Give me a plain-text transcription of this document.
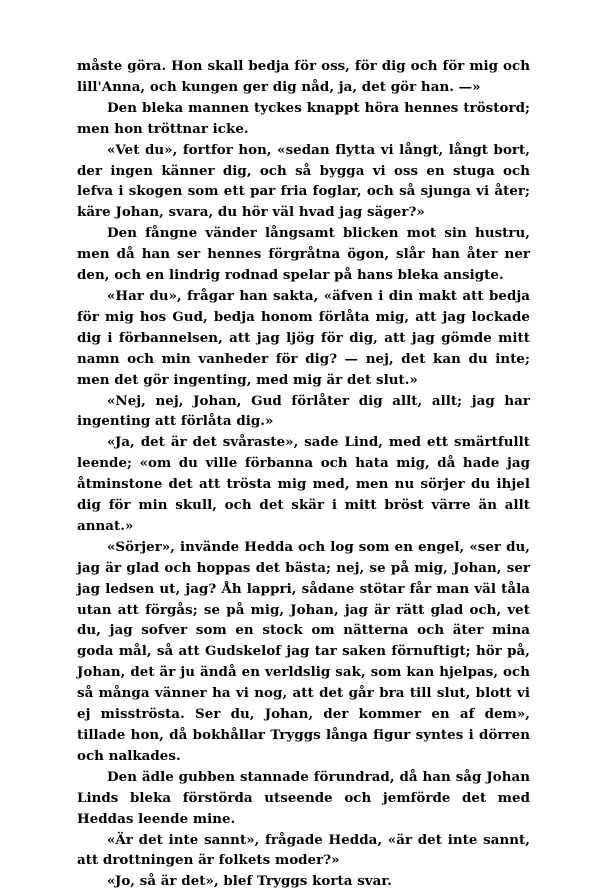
måste göra. Hon skall bedja för oss, för dig och för mig och lill'Anna, och kungen ger dig nåd, ja, det gör han. —»

Den bleka mannen tyckes knappt höra hennes tröstord; men hon tröttnar icke.

«Vet du», fortfor hon, «sedan flytta vi långt, långt bort, der ingen känner dig, och så bygga vi oss en stuga och lefva i skogen som ett par fria foglar, och så sjunga vi åter; käre Johan, svara, du hör väl hvad jag säger?»

Den fångne vänder långsamt blicken mot sin hustru, men då han ser hennes förgråtna ögon, slår han åter ner den, och en lindrig rodnad spelar på hans bleka ansigte.

«Har du», frågar han sakta, «äfven i din makt att bedja för mig hos Gud, bedja honom förlåta mig, att jag lockade dig i förbannelsen, att jag ljög för dig, att jag gömde mitt namn och min vanheder för dig? — nej, det kan du inte; men det gör ingenting, med mig är det slut.»

«Nej, nej, Johan, Gud förlåter dig allt, allt; jag har ingenting att förlåta dig.»

«Ja, det är det svåraste», sade Lind, med ett smärtfullt leende; «om du ville förbanna och hata mig, då hade jag åtminstone det att trösta mig med, men nu sörjer du ihjel dig för min skull, och det skär i mitt bröst värre än allt annat.»

«Sörjer», invände Hedda och log som en engel, «ser du, jag är glad och hoppas det bästa; nej, se på mig, Johan, ser jag ledsen ut, jag? Åh lappri, sådane stötar får man väl tåla utan att förgås; se på mig, Johan, jag är rätt glad och, vet du, jag sofver som en stock om nätterna och äter mina goda mål, så att Gudskelof jag tar saken förnuftigt; hör på, Johan, det är ju ändå en verldslig sak, som kan hjelpas, och så många vänner ha vi nog, att det går bra till slut, blott vi ej misströsta. Ser du, Johan, der kommer en af dem», tillade hon, då bokhållar Tryggs långa figur syntes i dörren och nalkades.

Den ädle gubben stannade förundrad, då han såg Johan Linds bleka förstörda utseende och jemförde det med Heddas leende mine.

«Är det inte sannt», frågade Hedda, «är det inte sannt, att drottningen är folkets moder?»

«Jo, så är det», blef Tryggs korta svar.
